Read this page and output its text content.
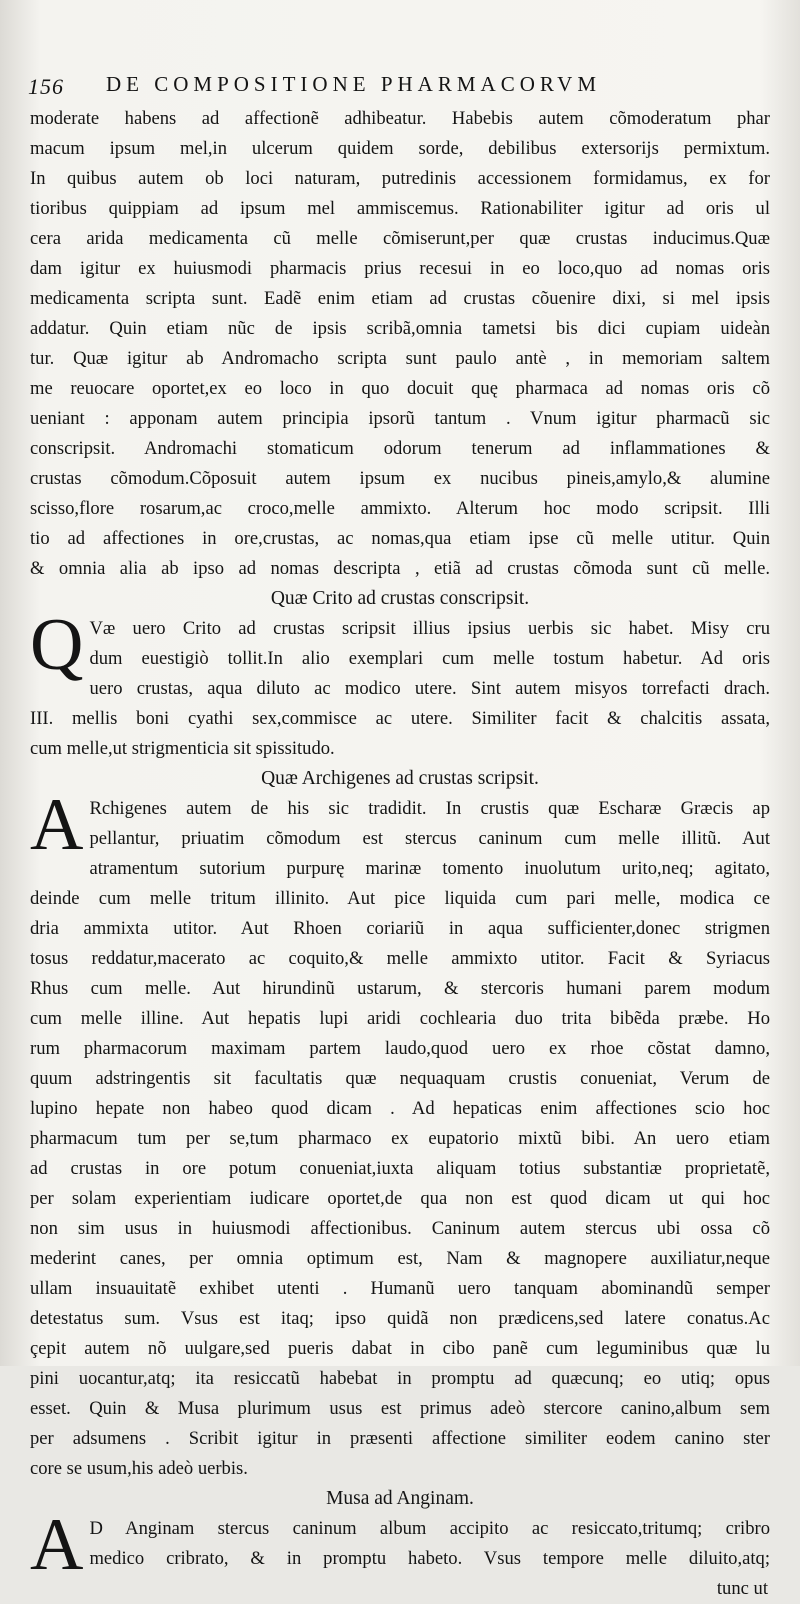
156 DE COMPOSITIONE PHARMACORVM
moderate habens ad affectionẽ adhibeatur. Habebis autem cõmoderatum phar
macum ipsum mel,in ulcerum quidem sorde, debilibus extersorijs permixtum.
In quibus autem ob loci naturam, putredinis accessionem formidamus, ex for
tioribus quippiam ad ipsum mel ammiscemus. Rationabiliter igitur ad oris ul
cera arida medicamenta cũ melle cõmiserunt,per quæ crustas inducimus.Quæ
dam igitur ex huiusmodi pharmacis prius recesui in eo loco,quo ad nomas oris
medicamenta scripta sunt. Eadẽ enim etiam ad crustas cõuenire dixi, si mel ipsis
addatur. Quin etiam nũc de ipsis scribã,omnia tametsi bis dici cupiam uideàn
tur. Quæ igitur ab Andromacho scripta sunt paulo antè , in memoriam saltem
me reuocare oportet,ex eo loco in quo docuit quę pharmaca ad nomas oris cõ
ueniant : apponam autem principia ipsorũ tantum . Vnum igitur pharmacũ sic
conscripsit. Andromachi stomaticum odorum tenerum ad inflammationes &
crustas cõmodum.Cõposuit autem ipsum ex nucibus pineis,amylo,& alumine
scisso,flore rosarum,ac croco,melle ammixto. Alterum hoc modo scripsit. Illi
tio ad affectiones in ore,crustas, ac nomas,qua etiam ipse cũ melle utitur. Quin
& omnia alia ab ipso ad nomas descripta , etiã ad crustas cõmoda sunt cũ melle.
Quæ Crito ad crustas conscripsit.
Q Væ uero Crito ad crustas scripsit illius ipsius uerbis sic habet. Misy cru
dum euestigiò tollit.In alio exemplari cum melle tostum habetur. Ad oris
uero crustas, aqua diluto ac modico utere. Sint autem misyos torrefacti drach.
III. mellis boni cyathi sex,commisce ac utere. Similiter facit & chalcitis assata,
cum melle,ut strigmenticia sit spissitudo.
Quæ Archigenes ad crustas scripsit.
A Rchigenes autem de his sic tradidit. In crustis quæ Escharæ Græcis ap
pellantur, priuatim cõmodum est stercus caninum cum melle illitũ. Aut
atramentum sutorium purpurę marinæ tomento inuolutum urito,neq; agitato,
deinde cum melle tritum illinito. Aut pice liquida cum pari melle, modica ce
dria ammixta utitor. Aut Rhoen coriariũ in aqua sufficienter,donec strigmen
tosus reddatur,macerato ac coquito,& melle ammixto utitor. Facit & Syriacus
Rhus cum melle. Aut hirundinũ ustarum, & stercoris humani parem modum
cum melle illine. Aut hepatis lupi aridi cochlearia duo trita bibẽda præbe. Ho
rum pharmacorum maximam partem laudo,quod uero ex rhoe cõstat damno,
quum adstringentis sit facultatis quæ nequaquam crustis conueniat, Verum de
lupino hepate non habeo quod dicam . Ad hepaticas enim affectiones scio hoc
pharmacum tum per se,tum pharmaco ex eupatorio mixtũ bibi. An uero etiam
ad crustas in ore potum conueniat,iuxta aliquam totius substantiæ proprietatẽ,
per solam experientiam iudicare oportet,de qua non est quod dicam ut qui hoc
non sim usus in huiusmodi affectionibus. Caninum autem stercus ubi ossa cõ
mederint canes, per omnia optimum est, Nam & magnopere auxiliatur,neque
ullam insuauitatẽ exhibet utenti . Humanũ uero tanquam abominandũ semper
detestatus sum. Vsus est itaq; ipso quidã non prædicens,sed latere conatus.Ac
çepit autem nõ uulgare,sed pueris dabat in cibo panẽ cum leguminibus quæ lu
pini uocantur,atq; ita resiccatũ habebat in promptu ad quæcunq; eo utiq; opus
esset. Quin & Musa plurimum usus est primus adeò stercore canino,album sem
per adsumens . Scribit igitur in præsenti affectione similiter eodem canino ster
core se usum,his adeò uerbis.
Musa ad Anginam.
A D Anginam stercus caninum album accipito ac resiccato,tritumq; cribro
medico cribrato, & in promptu habeto. Vsus tempore melle diluito,atq;
tunc ut
